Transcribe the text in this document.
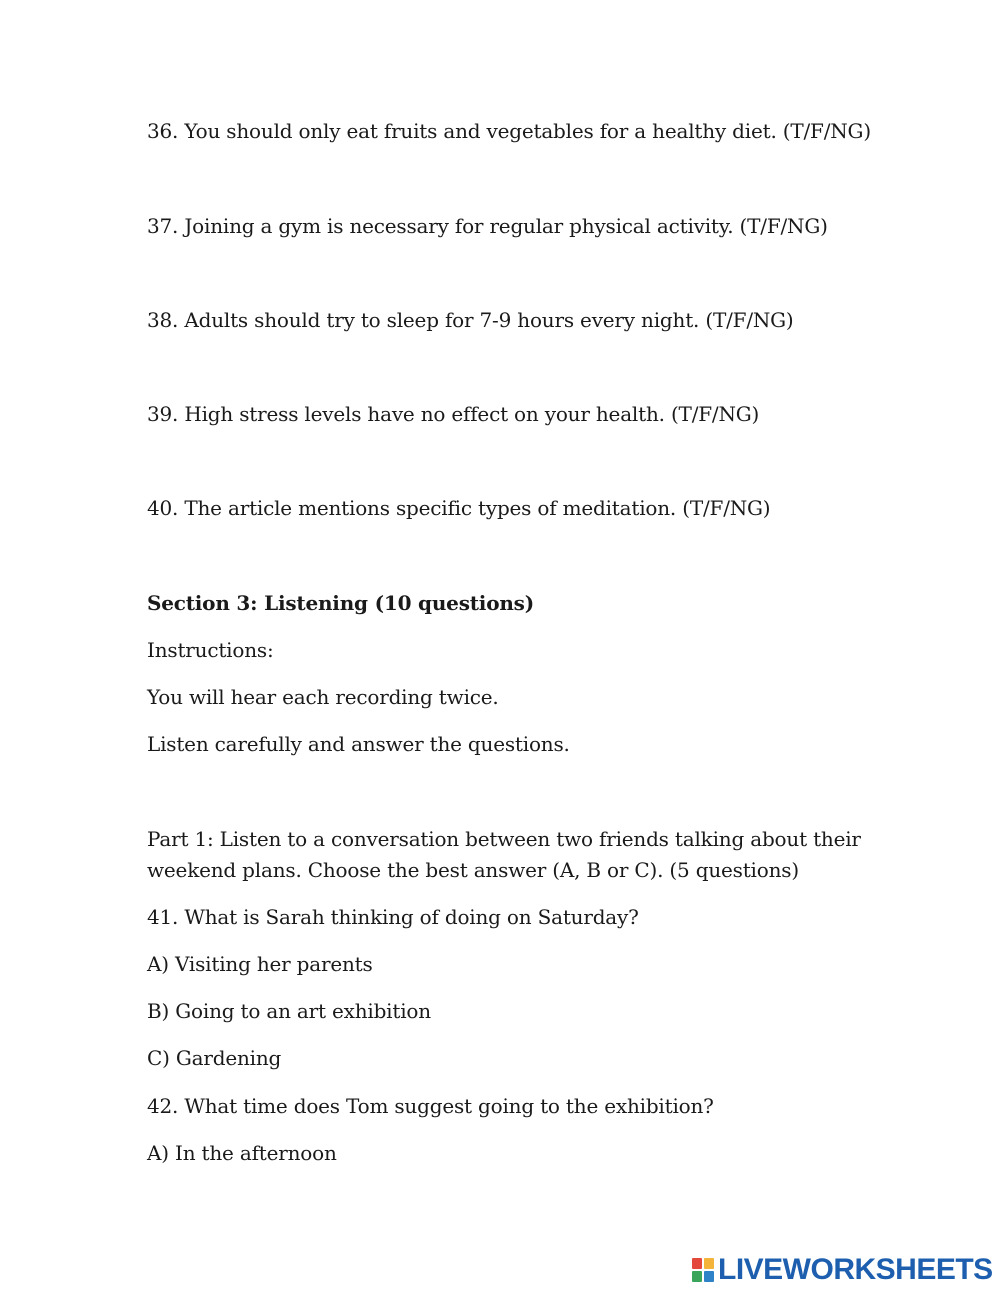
36. You should only eat fruits and vegetables for a healthy diet. (T/F/NG)
37. Joining a gym is necessary for regular physical activity. (T/F/NG)
38. Adults should try to sleep for 7-9 hours every night. (T/F/NG)
39. High stress levels have no effect on your health. (T/F/NG)
40. The article mentions specific types of meditation. (T/F/NG)
Section 3: Listening (10 questions)
Instructions:
You will hear each recording twice.
Listen carefully and answer the questions.
Part 1: Listen to a conversation between two friends talking about their
weekend plans. Choose the best answer (A, B or C). (5 questions)
41. What is Sarah thinking of doing on Saturday?
A) Visiting her parents
B) Going to an art exhibition
C) Gardening
42. What time does Tom suggest going to the exhibition?
A) In the afternoon
LIVEWORKSHEETS
